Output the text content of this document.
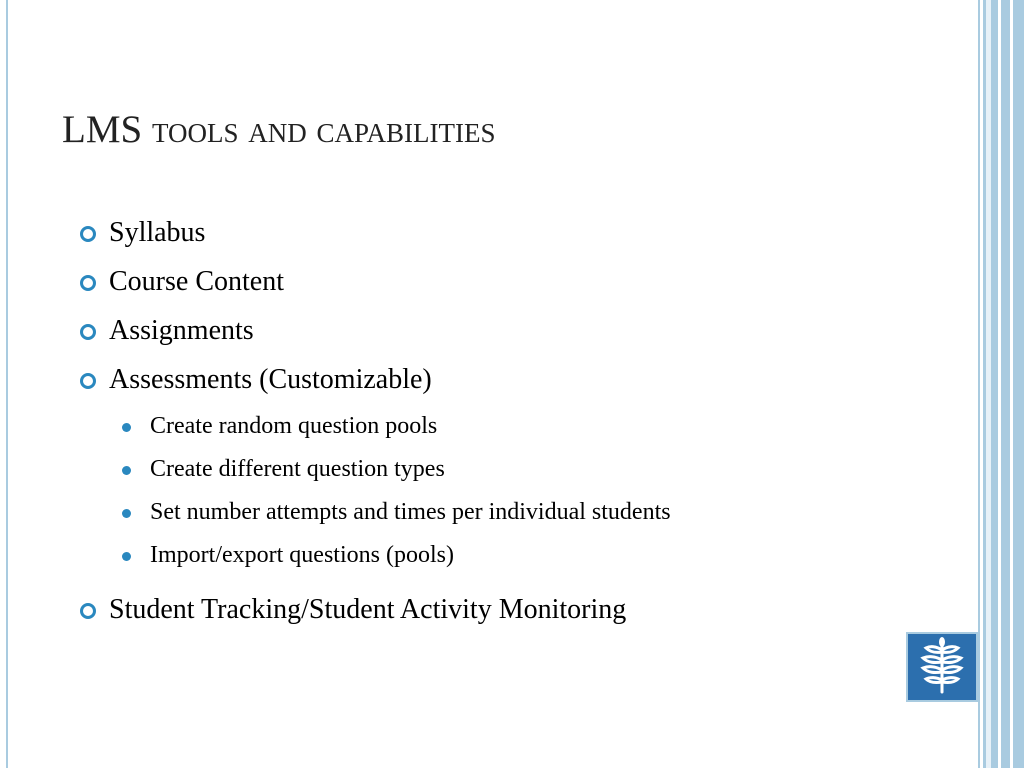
LMS tools and capabilities
Syllabus
Course Content
Assignments
Assessments (Customizable)
Create random question pools
Create different question types
Set number attempts and times per individual students
Import/export questions (pools)
Student Tracking/Student Activity Monitoring
